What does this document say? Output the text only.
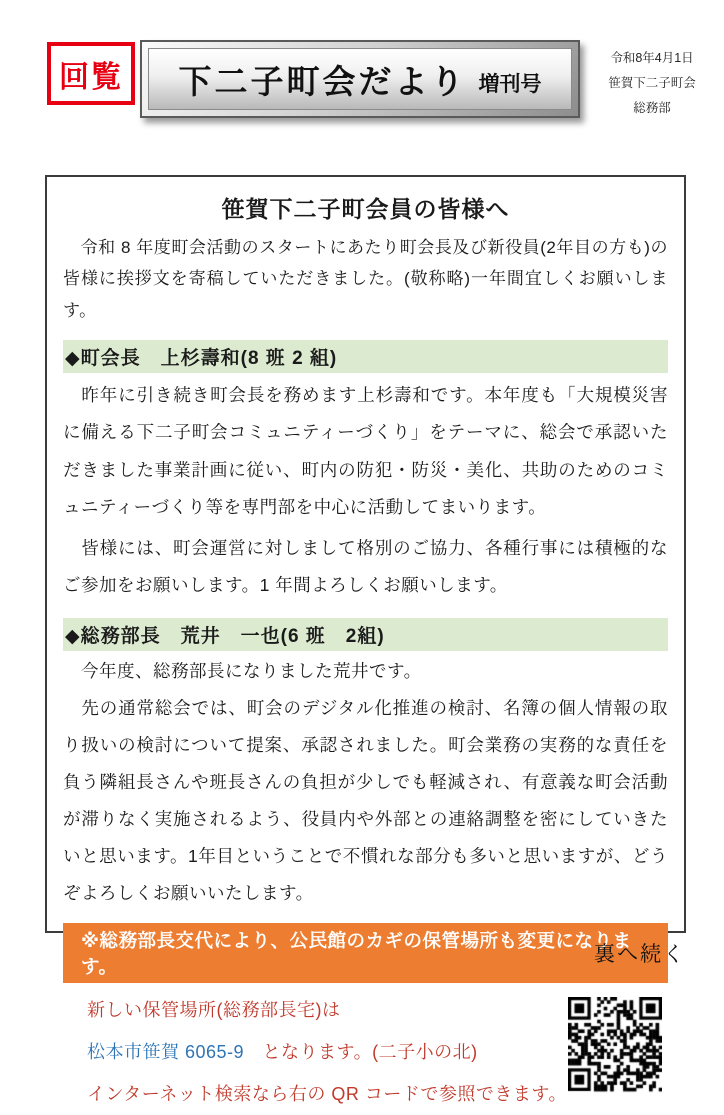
回覧 下二子町会だより 増刊号
令和8年4月1日
笹賀下二子町会
総務部
笹賀下二子町会員の皆様へ

　令和 8 年度町会活動のスタートにあたり町会長及び新役員(2年目の方も)の皆様に挨拶文を寄稿していただきました。(敬称略)一年間宜しくお願いします。

◆町会長　上杉壽和(8 班 2 組)

　昨年に引き続き町会長を務めます上杉壽和です。本年度も「大規模災害に備える下二子町会コミュニティーづくり」をテーマに、総会で承認いただきました事業計画に従い、町内の防犯・防災・美化、共助のためのコミュニティーづくり等を専門部を中心に活動してまいります。

　皆様には、町会運営に対しまして格別のご協力、各種行事には積極的なご参加をお願いします。1 年間よろしくお願いします。

◆総務部長　荒井　一也(6 班　2組)

　今年度、総務部長になりました荒井です。

　先の通常総会では、町会のデジタル化推進の検討、名簿の個人情報の取り扱いの検討について提案、承認されました。町会業務の実務的な責任を負う隣組長さんや班長さんの負担が少しでも軽減され、有意義な町会活動が滞りなく実施されるよう、役員内や外部との連絡調整を密にしていきたいと思います。1年目ということで不慣れな部分も多いと思いますが、どうぞよろしくお願いいたします。

※総務部長交代により、公民館のカギの保管場所も変更になります。
新しい保管場所(総務部長宅)は
松本市笹賀 6065-9　となります。(二子小の北)
インターネット検索なら右の QR コードで参照できます。
裏へ続く
